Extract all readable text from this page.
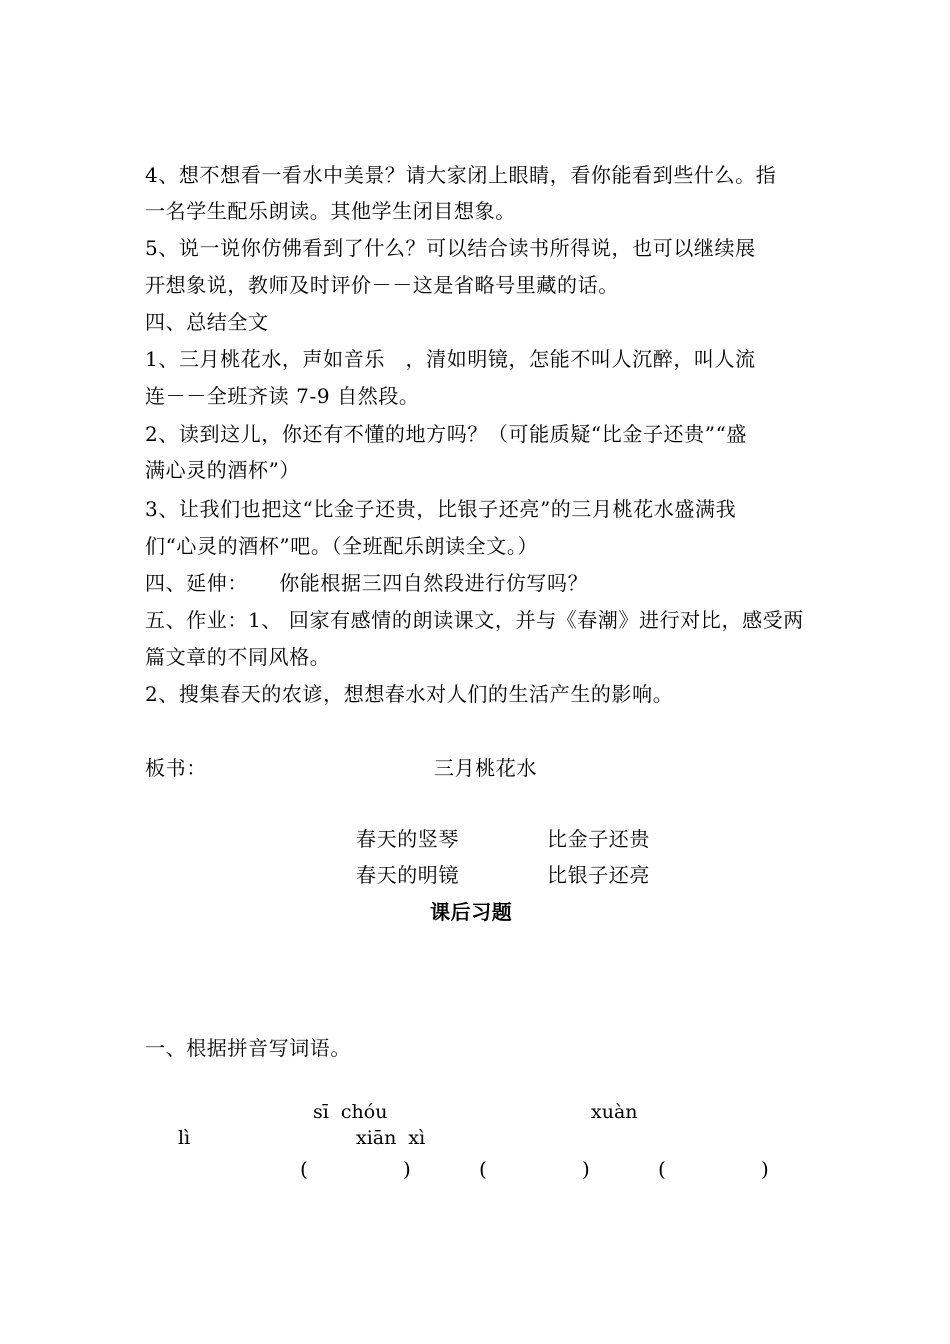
4、想不想看一看水中美景？请大家闭上眼睛，看你能看到些什么。指
一名学生配乐朗读。其他学生闭目想象。
5、说一说你仿佛看到了什么？可以结合读书所得说，也可以继续展
开想象说，教师及时评价－－这是省略号里藏的话。
四、总结全文
1、三月桃花水，声如音乐　，清如明镜，怎能不叫人沉醉，叫人流
连－－全班齐读 7-9 自然段。
2、读到这儿，你还有不懂的地方吗？（可能质疑“比金子还贵”“盛
满心灵的酒杯”）
3、让我们也把这“比金子还贵，比银子还亮”的三月桃花水盛满我
们“心灵的酒杯”吧。（全班配乐朗读全文。）
四、延伸：　　你能根据三四自然段进行仿写吗？
五、作业：1、 回家有感情的朗读课文，并与《春潮》进行对比，感受两
篇文章的不同风格。
2、搜集春天的农谚，想想春水对人们的生活产生的影响。
板书：	三月桃花水
春天的竖琴	比金子还贵
春天的明镜	比银子还亮
课后习题
一、根据拼音写词语。
sī  chóu	xuàn
lì	xiān  xì
(	)	(	)	(	)
